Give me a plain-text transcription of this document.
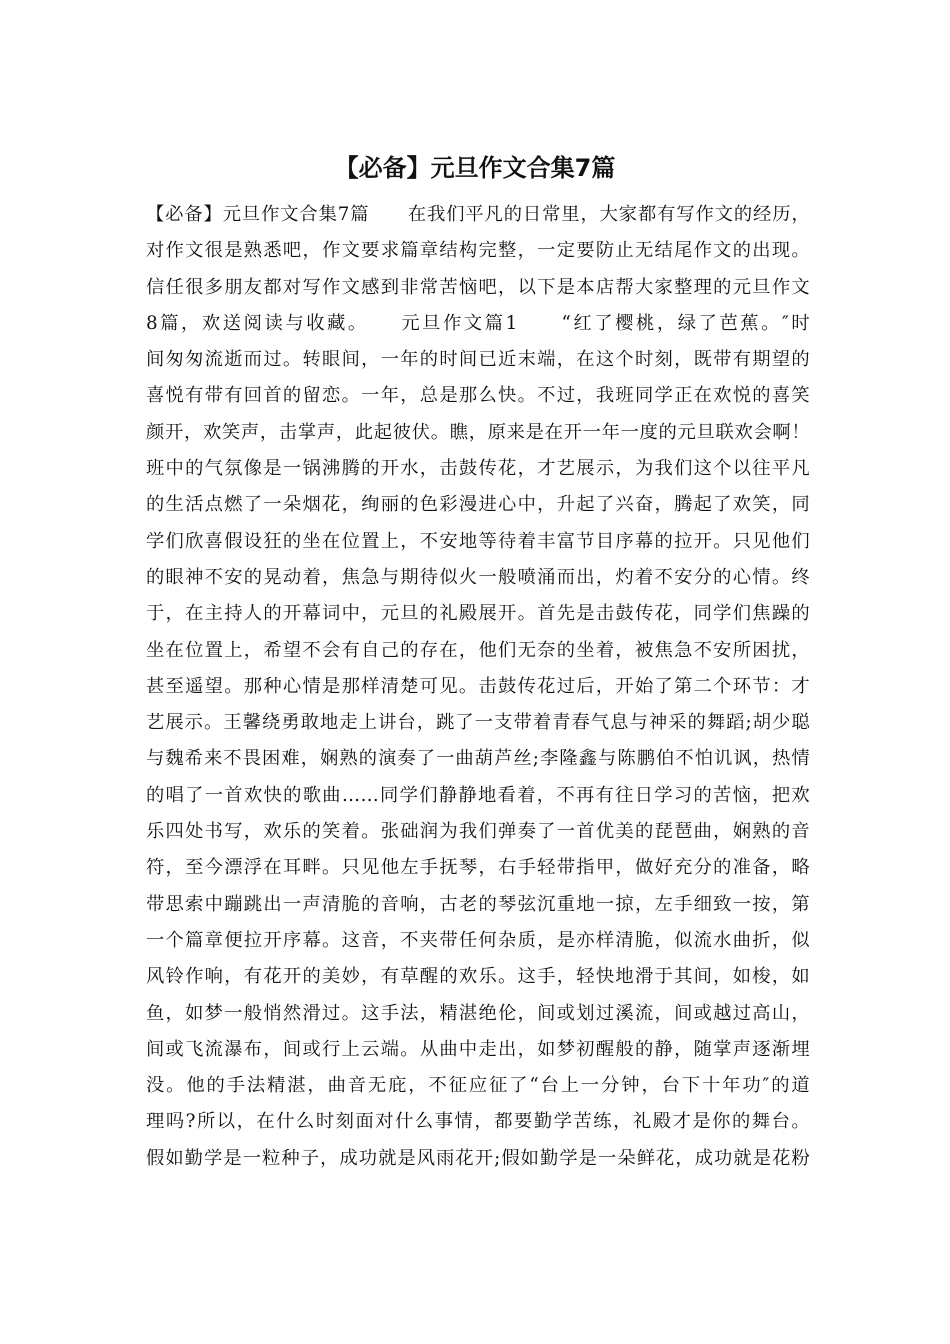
【必备】元旦作文合集7篇
【必备】元旦作文合集7篇　　在我们平凡的日常里，大家都有写作文的经历，
对作文很是熟悉吧，作文要求篇章结构完整，一定要防止无结尾作文的出现。
信任很多朋友都对写作文感到非常苦恼吧，以下是本店帮大家整理的元旦作文
8篇，欢送阅读与收藏。　　元旦作文篇1　　“红了樱桃，绿了芭蕉。″时
间匆匆流逝而过。转眼间，一年的时间已近末端，在这个时刻，既带有期望的
喜悦有带有回首的留恋。一年，总是那么快。不过，我班同学正在欢悦的喜笑
颜开，欢笑声，击掌声，此起彼伏。瞧，原来是在开一年一度的元旦联欢会啊！
班中的气氛像是一锅沸腾的开水，击鼓传花，才艺展示，为我们这个以往平凡
的生活点燃了一朵烟花，绚丽的色彩漫进心中，升起了兴奋，腾起了欢笑，同
学们欣喜假设狂的坐在位置上，不安地等待着丰富节目序幕的拉开。只见他们
的眼神不安的晃动着，焦急与期待似火一般喷涌而出，灼着不安分的心情。终
于，在主持人的开幕词中，元旦的礼殿展开。首先是击鼓传花，同学们焦躁的
坐在位置上，希望不会有自己的存在，他们无奈的坐着，被焦急不安所困扰，
甚至遥望。那种心情是那样清楚可见。击鼓传花过后，开始了第二个环节：才
艺展示。王馨绕勇敢地走上讲台，跳了一支带着青春气息与神采的舞蹈;胡少聪
与魏希来不畏困难，娴熟的演奏了一曲葫芦丝;李隆鑫与陈鹏伯不怕讥讽，热情
的唱了一首欢快的歌曲……同学们静静地看着，不再有往日学习的苦恼，把欢
乐四处书写，欢乐的笑着。张础润为我们弹奏了一首优美的琵琶曲，娴熟的音
符，至今漂浮在耳畔。只见他左手抚琴，右手轻带指甲，做好充分的准备，略
带思索中蹦跳出一声清脆的音响，古老的琴弦沉重地一掠，左手细致一按，第
一个篇章便拉开序幕。这音，不夹带任何杂质，是亦样清脆，似流水曲折，似
风铃作响，有花开的美妙，有草醒的欢乐。这手，轻快地滑于其间，如梭，如
鱼，如梦一般悄然滑过。这手法，精湛绝伦，间或划过溪流，间或越过高山，
间或飞流瀑布，间或行上云端。从曲中走出，如梦初醒般的静，随掌声逐渐埋
没。他的手法精湛，曲音无庇，不征应征了“台上一分钟，台下十年功″的道
理吗?所以，在什么时刻面对什么事情，都要勤学苦练，礼殿才是你的舞台。
假如勤学是一粒种子，成功就是风雨花开;假如勤学是一朵鲜花，成功就是花粉
